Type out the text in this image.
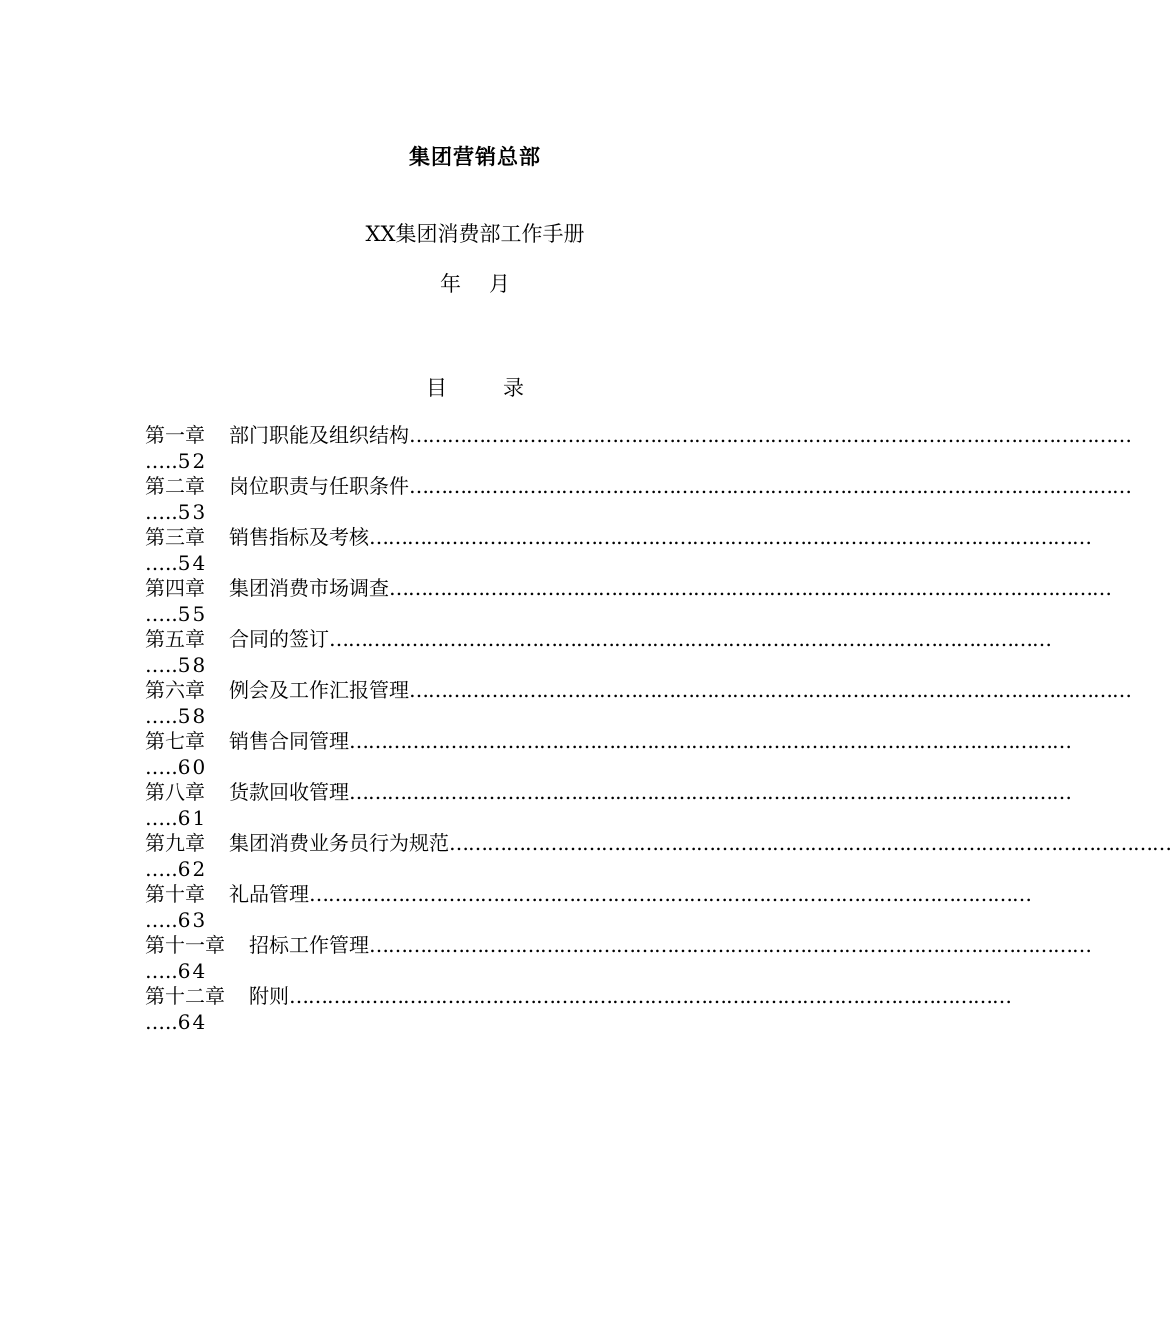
集团营销总部
XX集团消费部工作手册
年 月
目	录
第一章 部门职能及组织结构 ……………………………………………………………………………………………………
…..52
第二章 岗位职责与任职条件 ……………………………………………………………………………………………………
…..53
第三章 销售指标及考核 ……………………………………………………………………………………………………
…..54
第四章 集团消费市场调查 ……………………………………………………………………………………………………
…..55
第五章 合同的签订 ……………………………………………………………………………………………………
…..58
第六章 例会及工作汇报管理 ……………………………………………………………………………………………………
…..58
第七章 销售合同管理 ……………………………………………………………………………………………………
…..60
第八章 货款回收管理 ……………………………………………………………………………………………………
…..61
第九章 集团消费业务员行为规范 ……………………………………………………………………………………………………
…..62
第十章 礼品管理 ……………………………………………………………………………………………………
…..63
第十一章 招标工作管理 ……………………………………………………………………………………………………
…..64
第十二章 附则 ……………………………………………………………………………………………………
…..64
